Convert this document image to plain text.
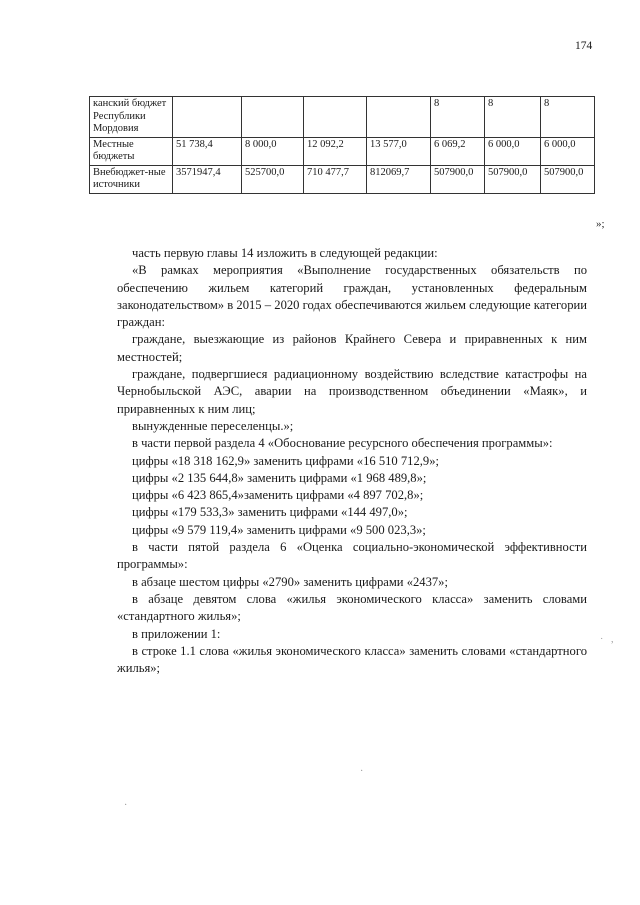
174
канский бюджет Республики Мордовия					8	8	8
Местные бюджеты	51 738,4	8 000,0	12 092,2	13 577,0	6 069,2	6 000,0	6 000,0
Внебюджет-ные источники	3571947,4	525700,0	710 477,7	812069,7	507900,0	507900,0	507900,0
»;

часть первую главы 14 изложить в следующей редакции:

«В рамках мероприятия «Выполнение государственных обязательств по обеспечению жильем категорий граждан, установленных федеральным законодательством» в 2015 – 2020 годах обеспечиваются жильем следующие категории граждан:

граждане, выезжающие из районов Крайнего Севера и приравненных к ним местностей;

граждане, подвергшиеся радиационному воздействию вследствие катастрофы на Чернобыльской АЭС, аварии на производственном объединении «Маяк», и приравненных к ним лиц;

вынужденные переселенцы.»;

в части первой раздела 4 «Обоснование ресурсного обеспечения программы»:

цифры «18 318 162,9» заменить цифрами «16 510 712,9»;

цифры «2 135 644,8» заменить цифрами «1 968 489,8»;

цифры «6 423 865,4»заменить цифрами «4 897 702,8»;

цифры «179 533,3» заменить цифрами «144 497,0»;

цифры «9 579 119,4» заменить цифрами «9 500 023,3»;

в части пятой раздела 6 «Оценка социально-экономической эффективности программы»:

в абзаце шестом цифры «2790» заменить цифрами «2437»;

в абзаце девятом слова «жилья экономического класса» заменить словами «стандартного жилья»;

в приложении 1:

в строке 1.1 слова «жилья экономического класса» заменить словами «стандартного жилья»;

˙ ,
·
·
